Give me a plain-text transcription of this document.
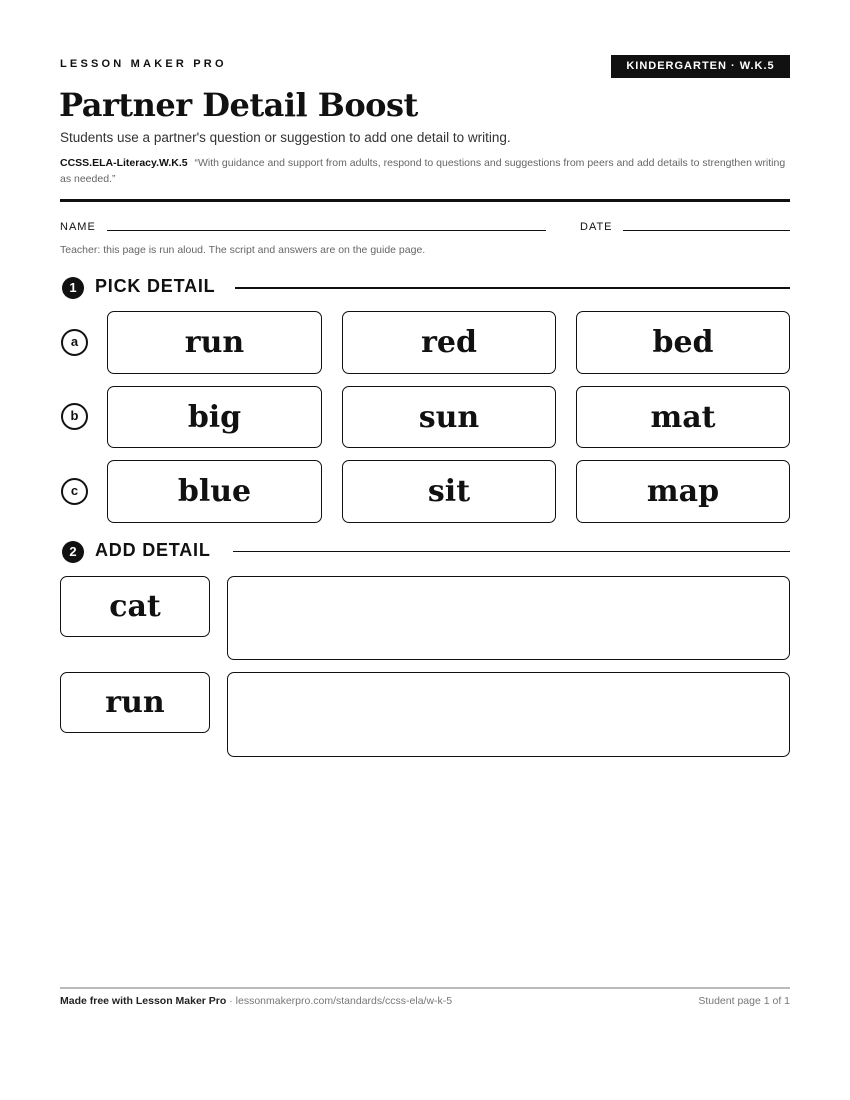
LESSON MAKER PRO	KINDERGARTEN · W.K.5
Partner Detail Boost
Students use a partner's question or suggestion to add one detail to writing.
CCSS.ELA-Literacy.W.K.5 “With guidance and support from adults, respond to questions and suggestions from peers and add details to strengthen writing as needed.”
NAME	DATE
Teacher: this page is run aloud. The script and answers are on the guide page.
1	PICK DETAIL
a	run	red	bed
b	big	sun	mat
c	blue	sit	map
2	ADD DETAIL
cat
run
Made free with Lesson Maker Pro · lessonmakerpro.com/standards/ccss-ela/w-k-5	Student page 1 of 1
